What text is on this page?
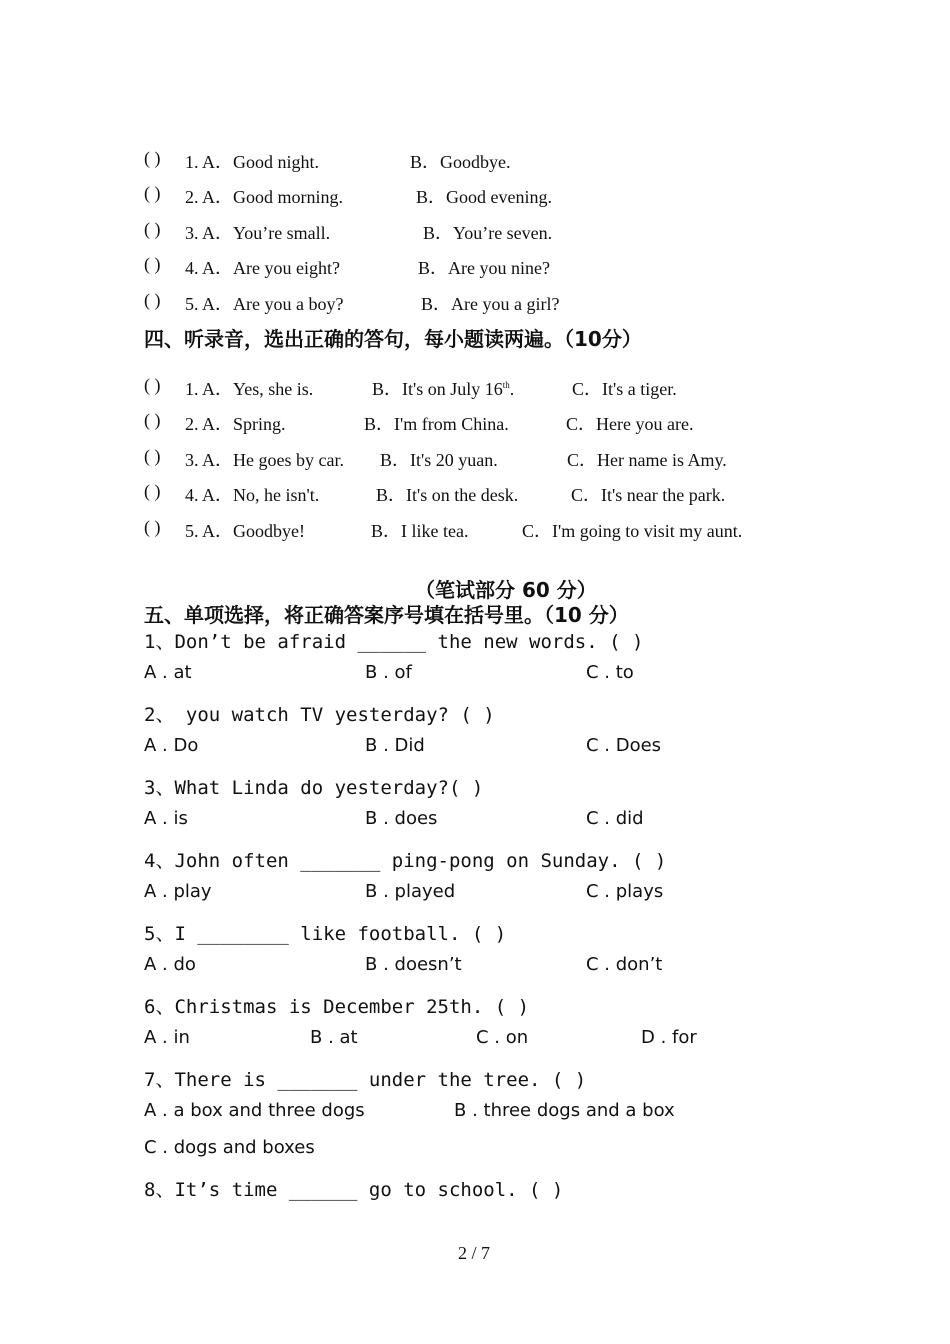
( ) 1. A．Good night.	B．Goodbye.
( ) 2. A．Good morning.	B．Good evening.
( ) 3. A．You’re small.	B．You’re seven.
( ) 4. A．Are you eight?	B．Are you nine?
( ) 5. A．Are you a boy?	B．Are you a girl?
四、听录音，选出正确的答句，每小题读两遍。（10分）
( ) 1. A．Yes, she is.	B．It's on July 16th.	C．It's a tiger.
( ) 2. A．Spring.	B．I'm from China.	C．Here you are.
( ) 3. A．He goes by car. B．It's 20 yuan.	C．Her name is Amy.
( ) 4. A．No, he isn't.	B．It's on the desk.	C．It's near the park.
( ) 5. A．Goodbye!	B．I like tea.	C．I'm going to visit my aunt.
（笔试部分 60 分）
五、单项选择，将正确答案序号填在括号里。（10 分）
1、Don’t be afraid ______ the new words. ( )
A . at	B . of	C . to
2、 you watch TV yesterday? ( )
A . Do	B . Did	C . Does
3、What Linda do yesterday?( )
A . is	B . does	C . did
4、John often _______ ping-pong on Sunday. ( )
A . play	B . played	C . plays
5、I ________ like football. ( )
A . do	B . doesn’t	C . don’t
6、Christmas is December 25th. ( )
A . in	B . at	C . on	D . for
7、There is _______ under the tree. ( )
A . a box and three dogs	B . three dogs and a box
C . dogs and boxes
8、It’s time ______ go to school. ( )
2 / 7
